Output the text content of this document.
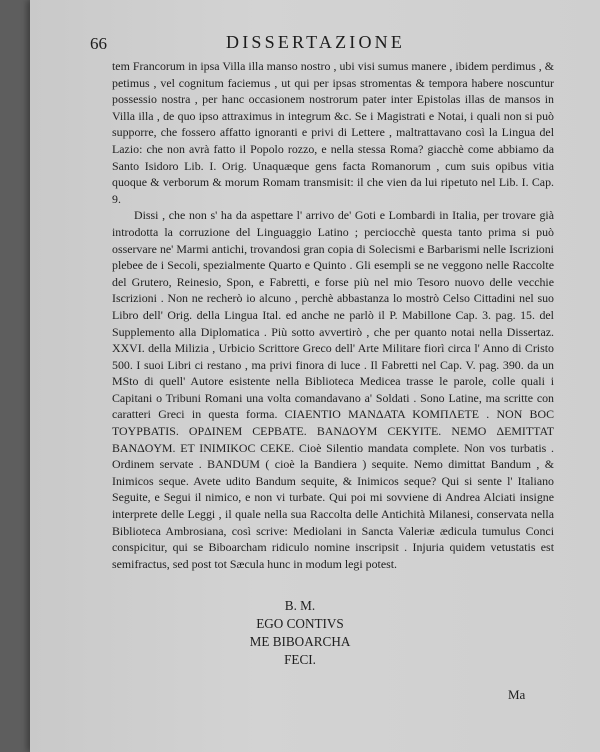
66	DISSERTAZIONE

tem Francorum in ipsa Villa illa manso nostro , ubi visi sumus manere , ibidem perdimus , & petimus , vel cognitum faciemus , ut qui per ipsas stromentas & tempora habere noscuntur possessio nostra , per hanc occasionem nostrorum pater inter Epistolas illas de mansos in Villa illa , de quo ipso attraximus in integrum &c. Se i Magistrati e Notai, i quali non si può supporre, che fossero affatto ignoranti e privi di Lettere , maltrattavano così la Lingua del Lazio: che non avrà fatto il Popolo rozzo, e nella stessa Roma? giacchè come abbiamo da Santo Isidoro Lib. I. Orig. Unaquæque gens facta Romanorum , cum suis opibus vitia quoque & verborum & morum Romam transmisit: il che vien da lui ripetuto nel Lib. I. Cap. 9.

Dissi , che non s' ha da aspettare l' arrivo de' Goti e Lombardi in Italia, per trovare già introdotta la corruzione del Linguaggio Latino ; perciocchè questa tanto prima si può osservare ne' Marmi antichi, trovandosi gran copia di Solecismi e Barbarismi nelle Iscrizioni plebee de i Secoli, spezialmente Quarto e Quinto . Gli esempli se ne veggono nelle Raccolte del Grutero, Reinesio, Spon, e Fabretti, e forse più nel mio Tesoro nuovo delle vecchie Iscrizioni . Non ne recherò io alcuno , perchè abbastanza lo mostrò Celso Cittadini nel suo Libro dell' Orig. della Lingua Ital. ed anche ne parlò il P. Mabillone Cap. 3. pag. 15. del Supplemento alla Diplomatica . Più sotto avvertirò , che per quanto notai nella Dissertaz. XXVI. della Milizia , Urbicio Scrittore Greco dell' Arte Militare fiorì circa l' Anno di Cristo 500. I suoi Libri ci restano , ma privi finora di luce . Il Fabretti nel Cap. V. pag. 390. da un MSto di quell' Autore esistente nella Biblioteca Medicea trasse le parole, colle quali i Capitani o Tribuni Romani una volta comandavano a' Soldati . Sono Latine, ma scritte con caratteri Greci in questa forma. CIAENTIO MANΔATA KOMΠΛETE . NON BOC TOYPBATIS. OPΔINEM CEPBATE. BANΔOYM CEKYITE. NEMO ΔEMITTAT BANΔOYM. ET INIMIKOC CEKE. Cioè Silentio mandata complete. Non vos turbatis . Ordinem servate . BANDUM ( cioè la Bandiera ) sequite. Nemo dimittat Bandum , & Inimicos seque. Avete udito Bandum sequite, & Inimicos seque? Qui si sente l' Italiano Seguite, e Segui il nimico, e non vi turbate. Qui poi mi sovviene di Andrea Alciati insigne interprete delle Leggi , il quale nella sua Raccolta delle Antichità Milanesi, conservata nella Biblioteca Ambrosiana, così scrive: Mediolani in Sancta Valeriæ ædicula tumulus Conci conspicitur, qui se Biboarcham ridiculo nomine inscripsit . Injuria quidem vetustatis est semifractus, sed post tot Sæcula hunc in modum legi potest.

B. M.
EGO CONTIVS
ME BIBOARCHA
FECI.
Ma
